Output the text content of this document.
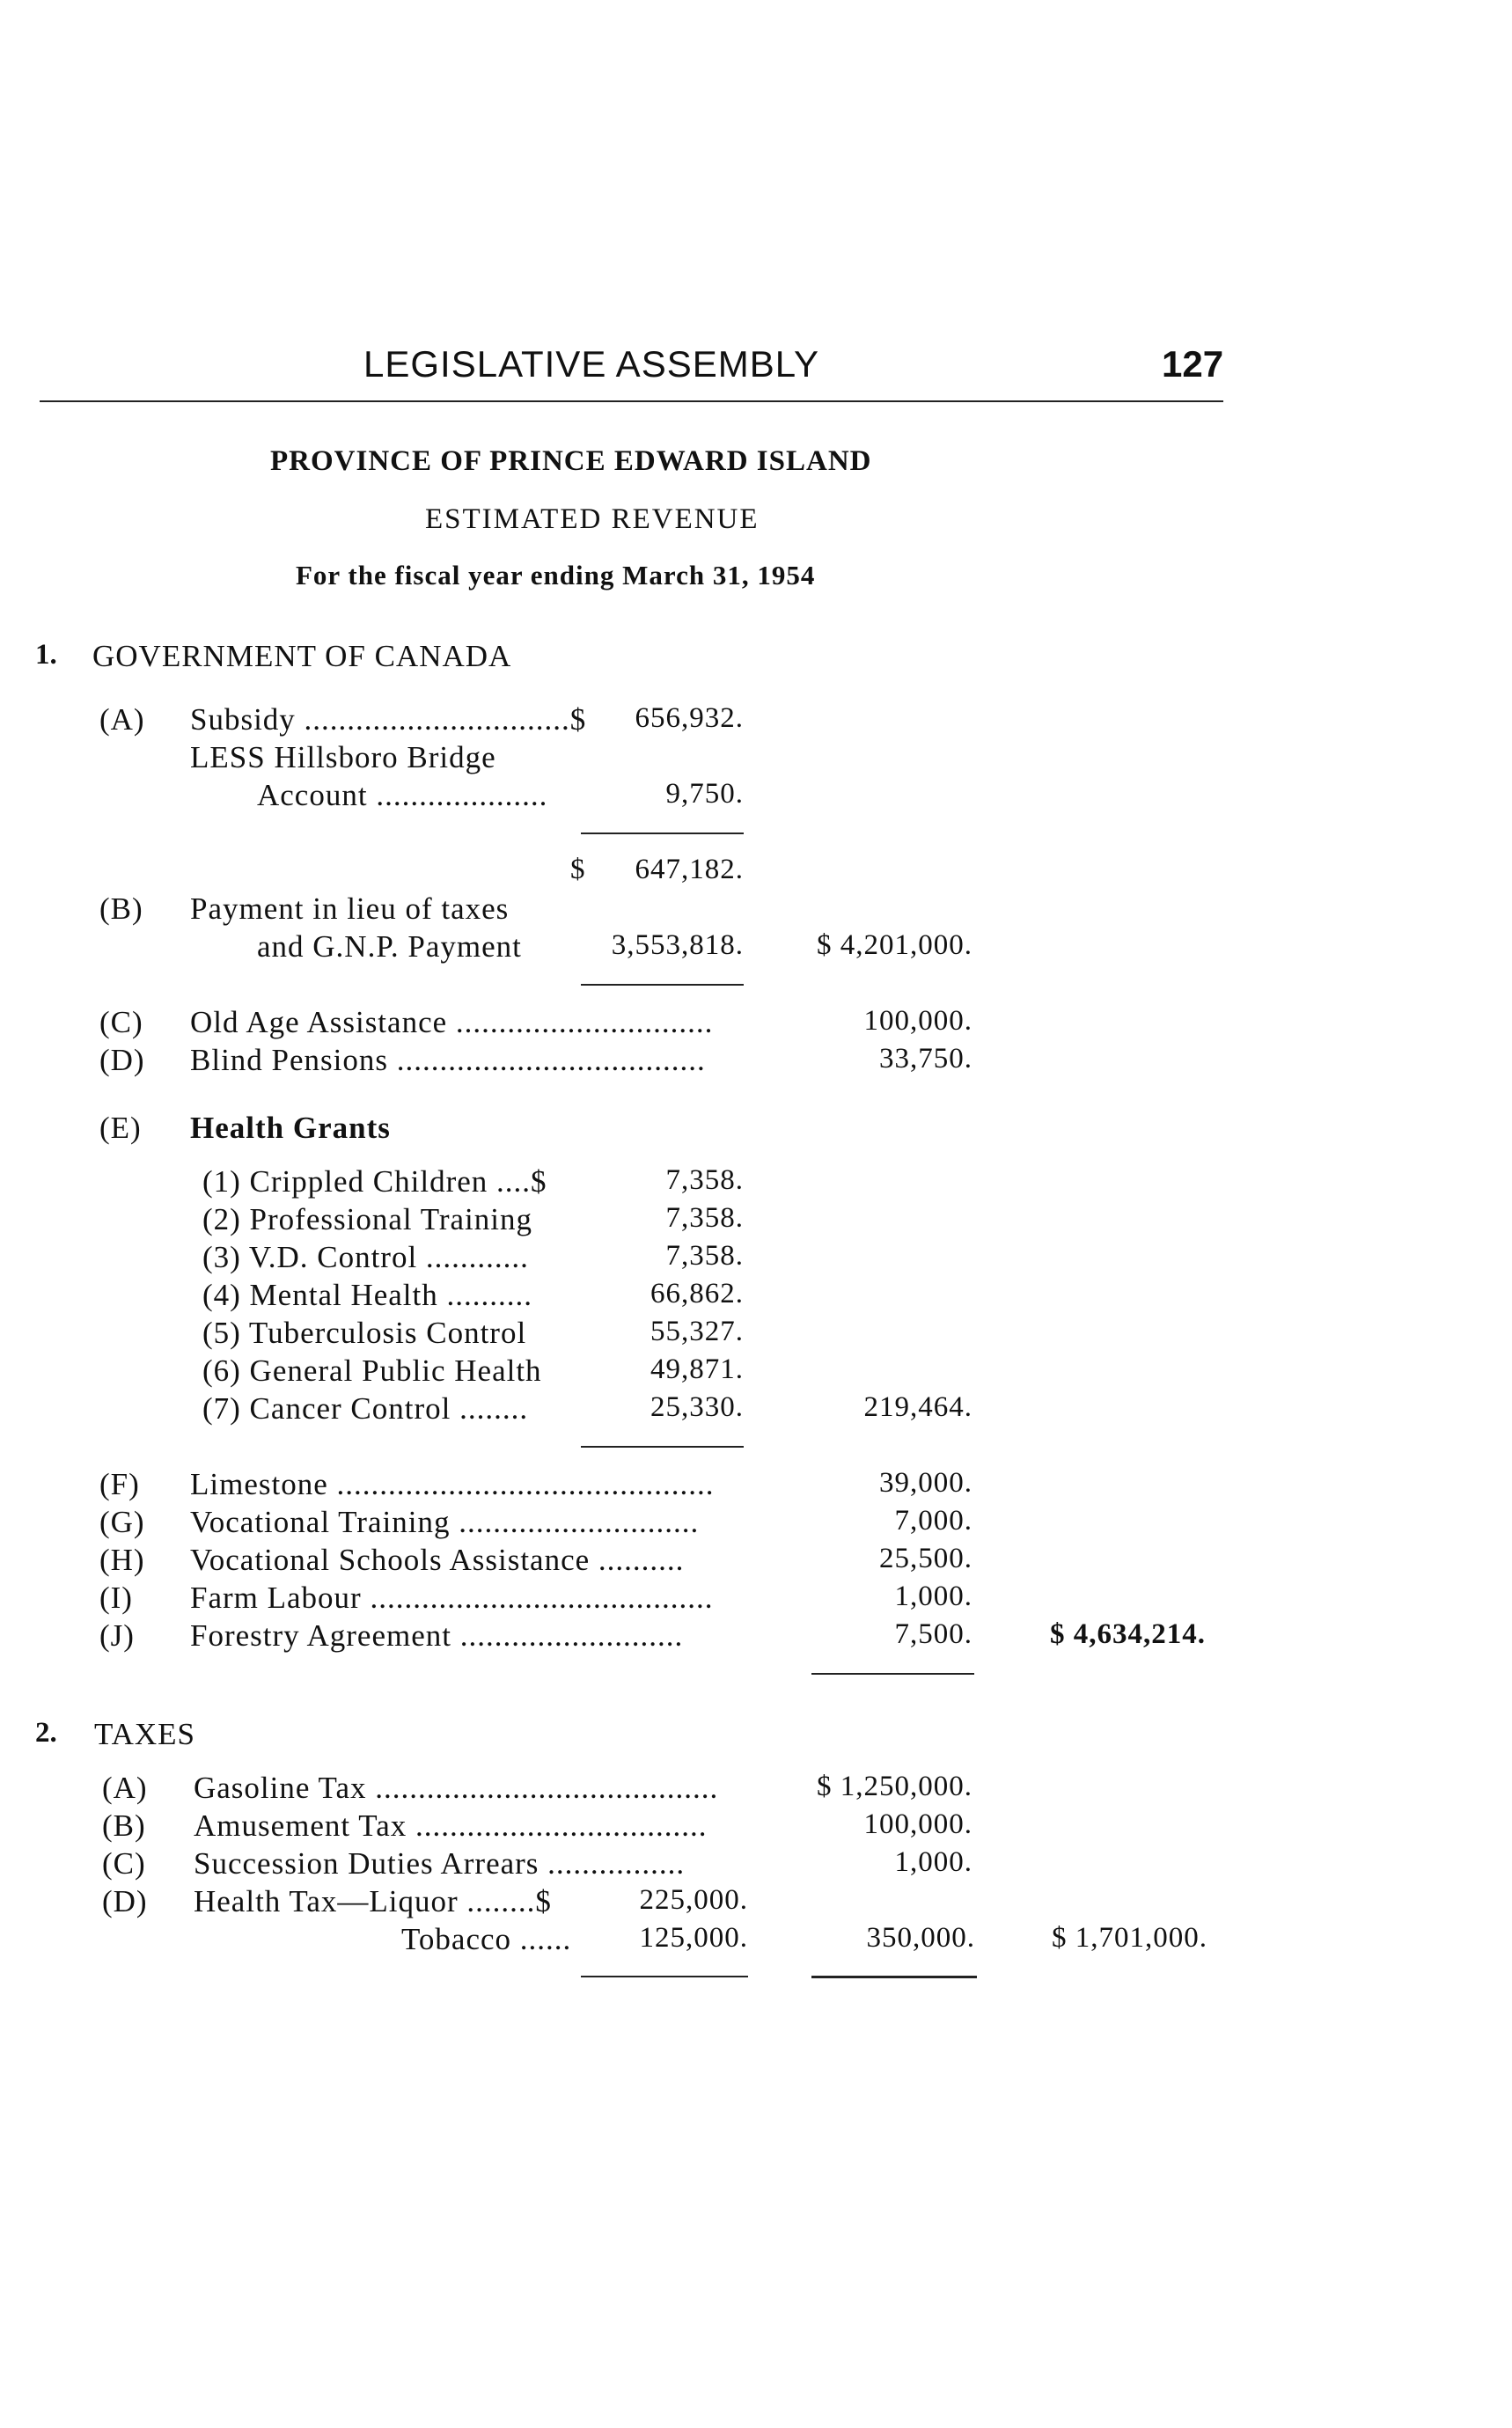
LEGISLATIVE ASSEMBLY	127
PROVINCE OF PRINCE EDWARD ISLAND
ESTIMATED REVENUE
For the fiscal year ending March 31, 1954
1. GOVERNMENT OF CANADA
(A) Subsidy ...............................$	656,932.
LESS Hillsboro Bridge
Account ....................	9,750.
$	647,182.
(B) Payment in lieu of taxes
and G.N.P. Payment	3,553,818.	$ 4,201,000.
(C) Old Age Assistance ..............................	100,000.
(D) Blind Pensions ....................................	33,750.
(E) Health Grants
(1) Crippled Children ....$	7,358.
(2) Professional Training	7,358.
(3) V.D. Control ............	7,358.
(4) Mental Health ..........	66,862.
(5) Tuberculosis Control	55,327.
(6) General Public Health	49,871.
(7) Cancer Control ........	25,330.	219,464.
(F) Limestone ............................................	39,000.
(G) Vocational Training ............................	7,000.
(H) Vocational Schools Assistance ..........	25,500.
(I) Farm Labour ........................................	1,000.
(J) Forestry Agreement ..........................	7,500.	$ 4,634,214.
2. TAXES
(A) Gasoline Tax ........................................	$ 1,250,000.
(B) Amusement Tax ..................................	100,000.
(C) Succession Duties Arrears ................	1,000.
(D) Health Tax—Liquor ........$	225,000.
Tobacco ......	125,000.	350,000.	$ 1,701,000.
